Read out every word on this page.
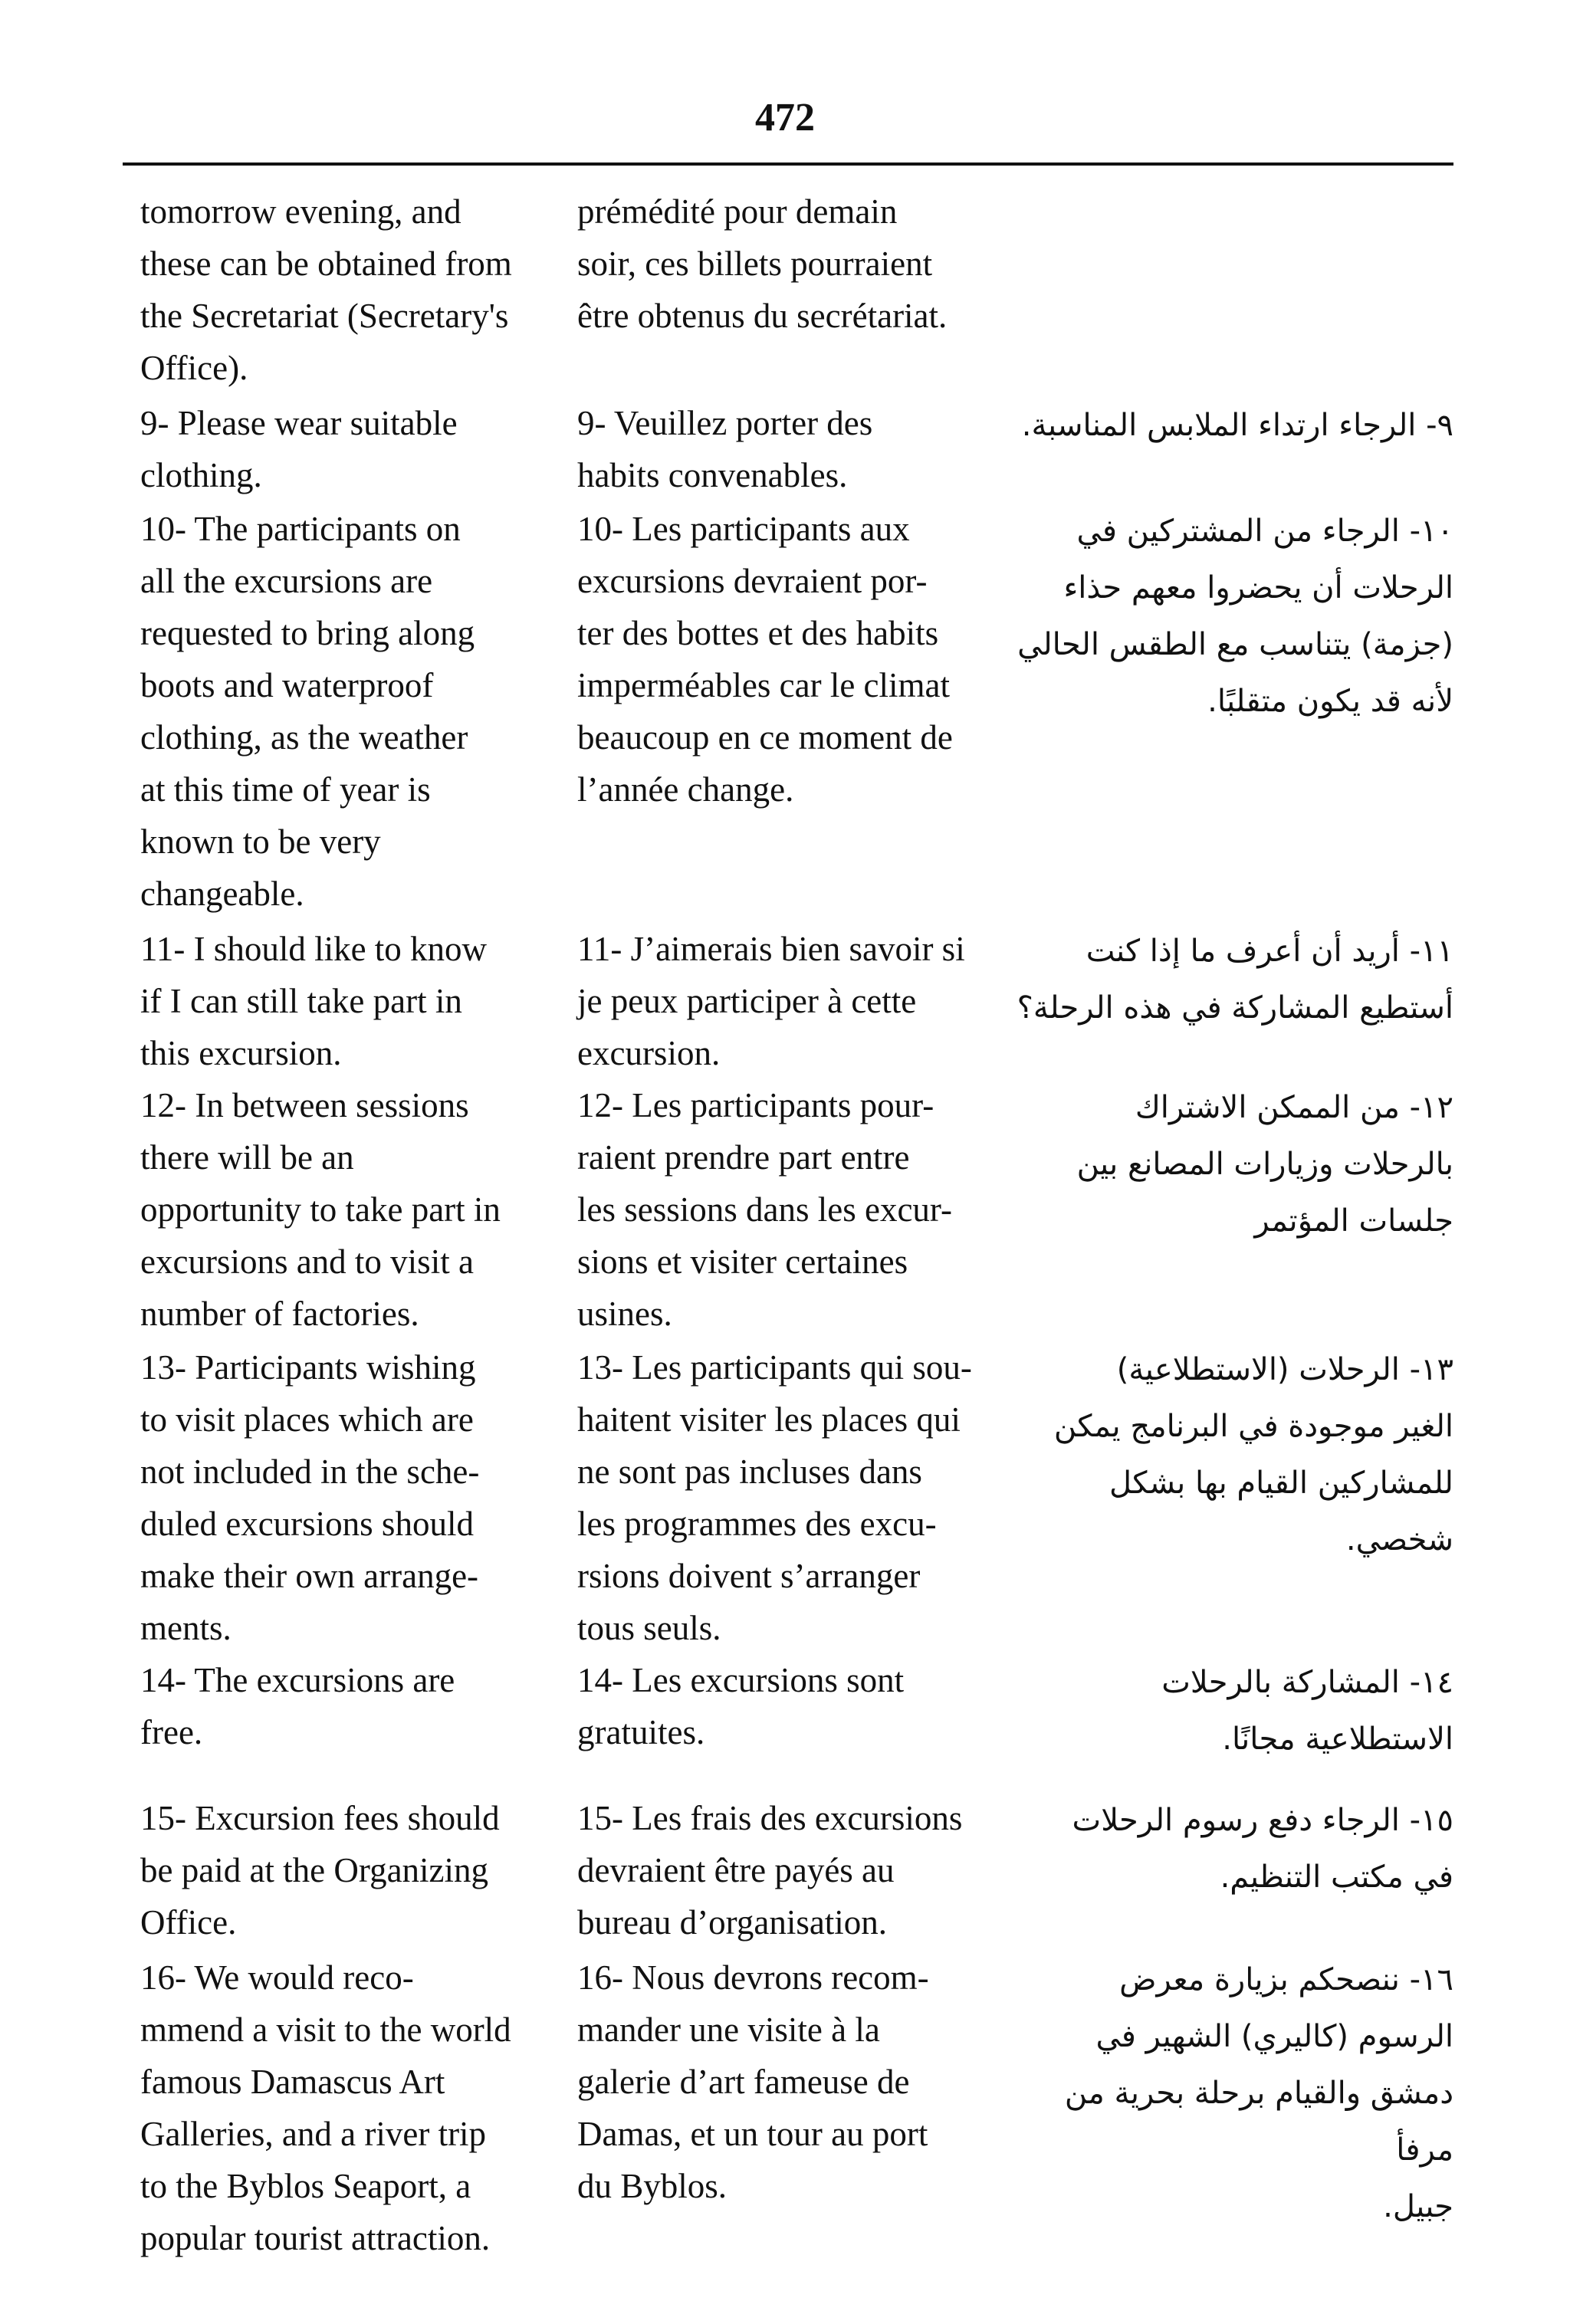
472
tomorrow evening, and
these can be obtained from
the Secretariat (Secretary's
Office).
prémédité pour demain
soir, ces billets pourraient
être obtenus du secrétariat.
9- Please wear suitable
clothing.
9- Veuillez porter des
habits convenables.
٩- الرجاء ارتداء الملابس المناسبة.
10- The participants on
all the excursions are
requested to bring along
boots and waterproof
clothing, as the weather
at this time of year is
known to be very
changeable.
10- Les participants aux
excursions devraient por-
ter des bottes et des habits
imperméables car le climat
beaucoup en ce moment de
l’année change.
١٠- الرجاء من المشتركين في
الرحلات أن يحضروا معهم حذاء
(جزمة) يتناسب مع الطقس الحالي
لأنه قد يكون متقلبًا.
11- I should like to know
if I can still take part in
this excursion.
11- J’aimerais bien savoir si
je peux participer à cette
excursion.
١١- أريد أن أعرف ما إذا كنت
أستطيع المشاركة في هذه الرحلة؟
12- In between sessions
there will be an
opportunity to take part in
excursions and to visit a
number of factories.
12- Les participants pour-
raient prendre part entre
les sessions dans les excur-
sions et visiter certaines
usines.
١٢- من الممكن الاشتراك
بالرحلات وزيارات المصانع بين
جلسات المؤتمر
13- Participants wishing
to visit places which are
not included in the sche-
duled excursions should
make their own arrange-
ments.
13- Les participants qui sou-
haitent visiter les places qui
ne sont pas incluses dans
les programmes des excu-
rsions doivent s’arranger
tous seuls.
١٣- الرحلات (الاستطلاعية)
الغير موجودة في البرنامج يمكن
للمشاركين القيام بها بشكل
شخصي.
14- The excursions are
free.
14- Les excursions sont
gratuites.
١٤- المشاركة بالرحلات
الاستطلاعية مجانًا.
15- Excursion fees should
be paid at the Organizing
Office.
15- Les frais des excursions
devraient être payés au
bureau d’organisation.
١٥- الرجاء دفع رسوم الرحلات
في مكتب التنظيم.
16- We would reco-
mmend a visit to the world
famous Damascus Art
Galleries, and a river trip
to the Byblos Seaport, a
popular tourist attraction.
16- Nous devrons recom-
mander une visite à la
galerie d’art fameuse de
Damas, et un tour au port
du Byblos.
١٦- ننصحكم بزيارة معرض
الرسوم (كاليري) الشهير في
دمشق والقيام برحلة بحرية من مرفأ
جبيل.
